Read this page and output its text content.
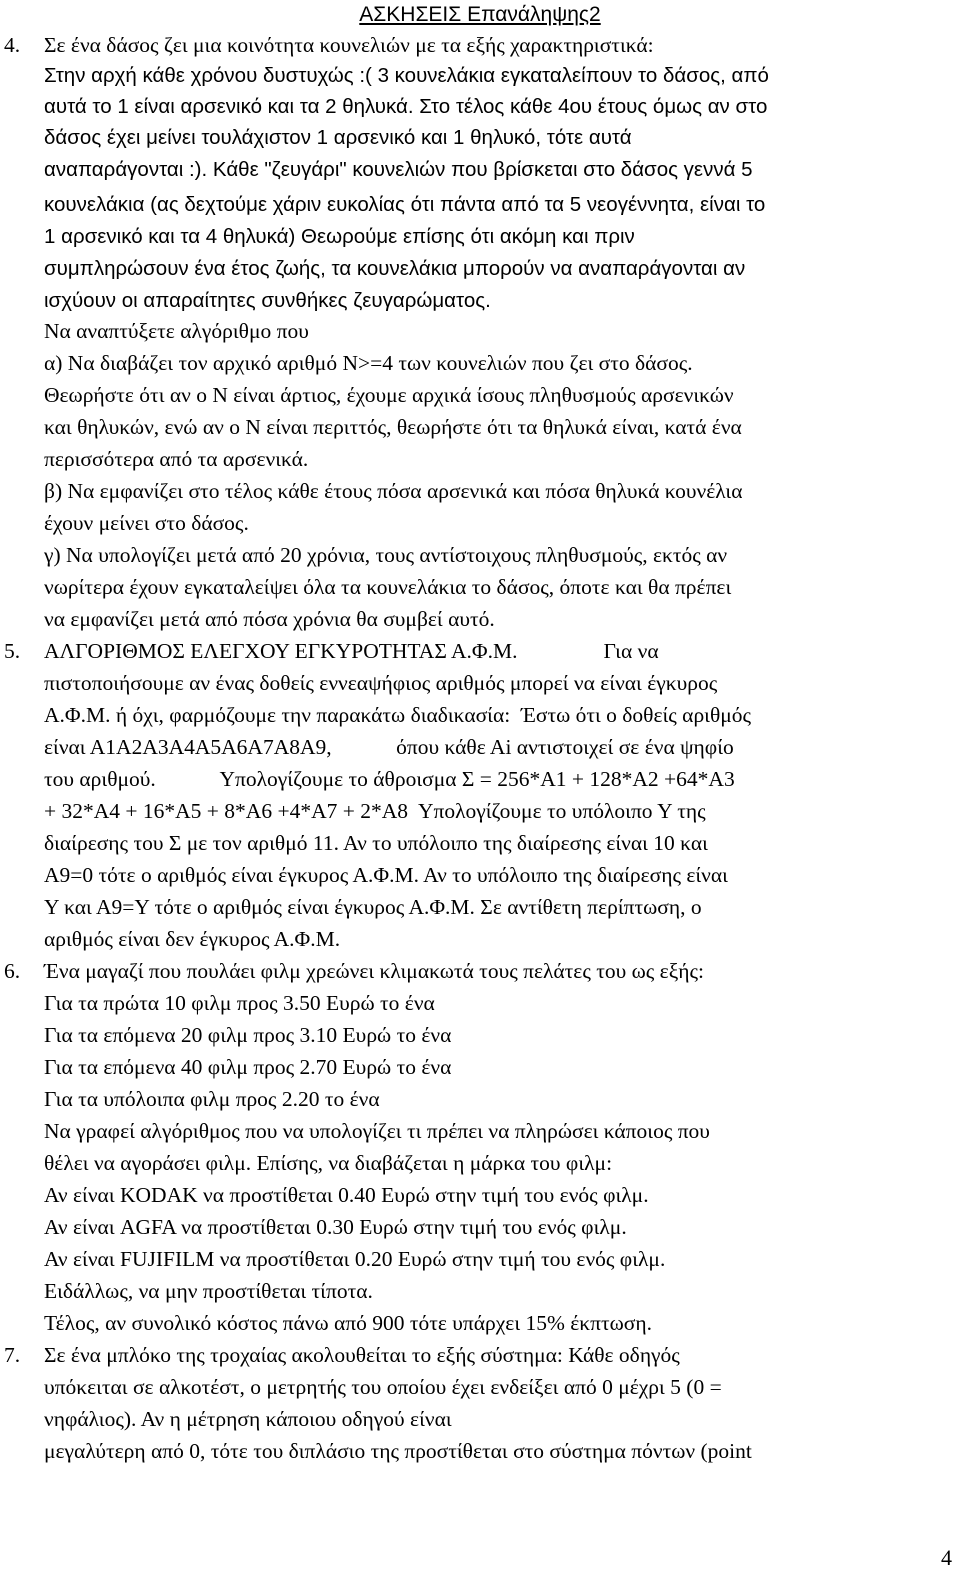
ΑΣΚΗΣΕΙΣ Επανάληψης2
4. Σε ένα δάσος ζει μια κοινότητα κουνελιών με τα εξής χαρακτηριστικά:
Στην αρχή κάθε χρόνου δυστυχώς :( 3 κουνελάκια εγκαταλείπουν το δάσος, από
αυτά το 1 είναι αρσενικό και τα 2 θηλυκά. Στο τέλος κάθε 4ου έτους όμως αν στο
δάσος έχει μείνει τουλάχιστον 1 αρσενικό και 1 θηλυκό, τότε αυτά
αναπαράγονται :). Κάθε "ζευγάρι" κουνελιών που βρίσκεται στο δάσος γεννά 5
κουνελάκια (ας δεχτούμε χάριν ευκολίας ότι πάντα από τα 5 νεογέννητα, είναι το
1 αρσενικό και τα 4 θηλυκά) Θεωρούμε επίσης ότι ακόμη και πριν
συμπληρώσουν ένα έτος ζωής, τα κουνελάκια μπορούν να αναπαράγονται αν
ισχύουν οι απαραίτητες συνθήκες ζευγαρώματος.
Να αναπτύξετε αλγόριθμο που
α) Να διαβάζει τον αρχικό αριθμό Ν>=4 των κουνελιών που ζει στο δάσος.
Θεωρήστε ότι αν ο Ν είναι άρτιος, έχουμε αρχικά ίσους πληθυσμούς αρσενικών
και θηλυκών, ενώ αν ο Ν είναι περιττός, θεωρήστε ότι τα θηλυκά είναι, κατά ένα
περισσότερα από τα αρσενικά.
β) Να εμφανίζει στο τέλος κάθε έτους πόσα αρσενικά και πόσα θηλυκά κουνέλια
έχουν μείνει στο δάσος.
γ) Να υπολογίζει μετά από 20 χρόνια, τους αντίστοιχους πληθυσμούς, εκτός αν
νωρίτερα έχουν εγκαταλείψει όλα τα κουνελάκια το δάσος, όποτε και θα πρέπει
να εμφανίζει μετά από πόσα χρόνια θα συμβεί αυτό.
5. ΑΛΓΟΡΙΘΜΟΣ ΕΛΕΓΧΟΥ ΕΓΚΥΡΟΤΗΤΑΣ Α.Φ.Μ.                Για να
πιστοποιήσουμε αν ένας δοθείς εννεαψήφιος αριθμός μπορεί να είναι έγκυρος
Α.Φ.Μ. ή όχι, φαρμόζουμε την παρακάτω διαδικασία:  Έστω ότι ο δοθείς αριθμός
είναι Α1Α2Α3Α4Α5Α6Α7Α8Α9,            όπου κάθε Αi αντιστοιχεί σε ένα ψηφίο
του αριθμού.            Υπολογίζουμε το άθροισμα Σ = 256*Α1 + 128*Α2 +64*Α3
+ 32*Α4 + 16*Α5 + 8*Α6 +4*Α7 + 2*Α8  Υπολογίζουμε το υπόλοιπο Υ της
διαίρεσης του Σ με τον αριθμό 11. Αν το υπόλοιπο της διαίρεσης είναι 10 και
Α9=0 τότε ο αριθμός είναι έγκυρος Α.Φ.Μ. Αν το υπόλοιπο της διαίρεσης είναι
Υ και Α9=Υ τότε ο αριθμός είναι έγκυρος Α.Φ.Μ. Σε αντίθετη περίπτωση, ο
αριθμός είναι δεν έγκυρος Α.Φ.Μ.
6. Ένα μαγαζί που πουλάει φιλμ χρεώνει κλιμακωτά τους πελάτες του ως εξής:
Για τα πρώτα 10 φιλμ προς 3.50 Ευρώ το ένα
Για τα επόμενα 20 φιλμ προς 3.10 Ευρώ το ένα
Για τα επόμενα 40 φιλμ προς 2.70 Ευρώ το ένα
Για τα υπόλοιπα φιλμ προς 2.20 το ένα
Να γραφεί αλγόριθμος που να υπολογίζει τι πρέπει να πληρώσει κάποιος που
θέλει να αγοράσει φιλμ. Επίσης, να διαβάζεται η μάρκα του φιλμ:
Αν είναι KODAK να προστίθεται 0.40 Ευρώ στην τιμή του ενός φιλμ.
Αν είναι AGFA να προστίθεται 0.30 Ευρώ στην τιμή του ενός φιλμ.
Αν είναι FUJIFILM να προστίθεται 0.20 Ευρώ στην τιμή του ενός φιλμ.
Ειδάλλως, να μην προστίθεται τίποτα.
Τέλος, αν συνολικό κόστος πάνω από 900 τότε υπάρχει 15% έκπτωση.
7. Σε ένα μπλόκο της τροχαίας ακολουθείται το εξής σύστημα: Κάθε οδηγός
υπόκειται σε αλκοτέστ, ο μετρητής του οποίου έχει ενδείξει από 0 μέχρι 5 (0 =
νηφάλιος). Αν η μέτρηση κάποιου οδηγού είναι
μεγαλύτερη από 0, τότε του διπλάσιο της προστίθεται στο σύστημα πόντων (point
4
